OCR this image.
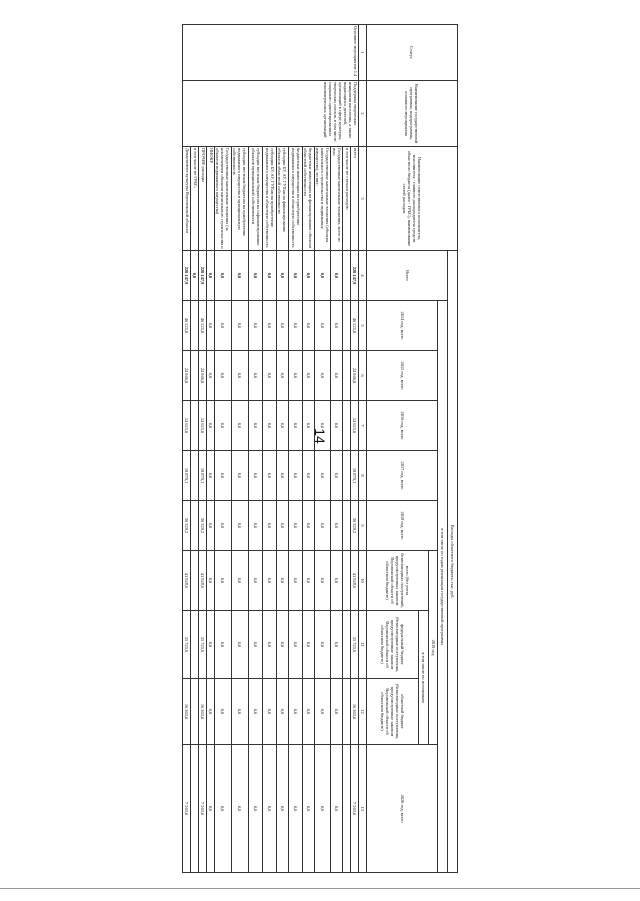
14
Статус	Наименование государственной программы, подпрограммы, основного мероприятия	Наименование ответственного исполнителя, исполнителя - главного распорядителя средств областного бюджета (далее - ГРБС), наименование статей расходов	Расходы областного бюджета, тыс. руб.									
			Всего	в том числе по годам реализации государственной программы								
				2014 год, всего	2015 год, всего	2016 год, всего	2017 год, всего	2018 год, всего	2019 год			2020 год, всего
									всего (без учета безвозмездных поступлений, предусмотренных законом Воронежской области об областном бюджете)	в том числе по источникам		
										федеральный бюджет (безвозмездные поступления, предусмотренные законом Воронежской области об областном бюджете)	областной бюджет (безвозмездные поступления, предусмотренные законом Воронежской области об областном бюджете)	

1	2	3	4	5	6	7	8	9	10	11	12	13
Основное мероприятие 1.4	Поддержка творческих инициатив населения, а также выдающихся деятелей, организаций в сфере культуры, творческих союзов, в том числе социально ориентированных некоммерческих организаций	всего	220 147,9	46 225,0	24 846,0	14 625,0	19 879,1	36 329,2	41 928,6	25 725,6	16 203,0	7 263,0
		в том числе по статьям расходов:										
		Государственные капитальные вложения, всего из них:	0,0	0,0	0,0	0,0	0,0	0,0	0,0	0,0	0,0	0,0
		Государственные капитальные вложения (объекты капитального строительства и недвижимое имущество), из них:	0,0	0,0	0,0	0,0	0,0	0,0	0,0	0,0	0,0	0,0
		бюджетные инвестиции на финансирование объектов областной собственности	0,0	0,0	0,0	0,0	0,0	0,0	0,0	0,0	0,0	0,0
		бюджетные инвестиции на приобретение недвижимого имущества в областную собственность	0,0	0,0	0,0	0,0	0,0	0,0	0,0	0,0	0,0	0,0
		субсидии БУ, АУ, ГУПам на финансирование объектов областной собственности	0,0	0,0	0,0	0,0	0,0	0,0	0,0	0,0	0,0	0,0
		субсидии БУ, АУ, ГУПам на приобретение недвижимого имущества в областную собственность	0,0	0,0	0,0	0,0	0,0	0,0	0,0	0,0	0,0	0,0
		субсидии местным бюджетам на софинансирование объектов муниципальной собственности	0,0	0,0	0,0	0,0	0,0	0,0	0,0	0,0	0,0	0,0
		субсидии местным бюджетам на приобретение недвижимого имущества в муниципальную собственность	0,0	0,0	0,0	0,0	0,0	0,0	0,0	0,0	0,0	0,0
		Государственные капитальные вложения (за исключением объектов капитального строительства и объектов недвижимого имущества)	0,0	0,0	0,0	0,0	0,0	0,0	0,0	0,0	0,0	0,0
		НИОКР	0,0	0,0	0,0	0,0	0,0	0,0	0,0	0,0	0,0	0,0
		ПРОЧИЕ расходы	220 147,9	46 225,0	24 846,0	14 625,0	19 879,1	36 329,2	41 928,6	25 725,6	16 203,0	7 263,0
		в том числе по ГРБС:	0,0									
		Департамент культуры Воронежской области	220 147,9	46 225,0	24 846,0	14 625,0	19 879,1	36 329,2	41 928,6	25 725,6	16 203,0	7 263,0
